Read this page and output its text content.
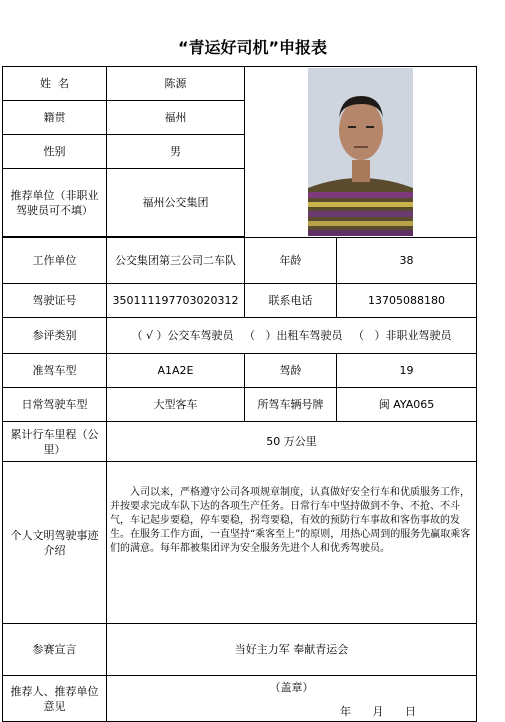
“青运好司机”申报表
姓  名	陈源	

籍贯	福州		
性别	男		
推荐单位（非职业驾驶员可不填）	福州公交集团		

工作单位	公交集团第三公司二车队	年龄	38
驾驶证号	350111197703020312	联系电话	13705088180
参评类别	（ √ ）公交车驾驶员   （   ）出租车驾驶员   （   ）非职业驾驶员		
准驾车型	A1A2E	驾龄	19
日常驾驶车型	大型客车	所驾车辆号牌	闽 AYA065
累计行车里程（公里）	50 万公里		
个人文明驾驶事迹介绍	入司以来，严格遵守公司各项规章制度，认真做好安全行车和优质服务工作，并按要求完成车队下达的各项生产任务。日常行车中坚持做到不争、不抢、不斗气，车记起步要稳，停车要稳，拐弯要稳，有效的预防行车事故和客伤事故的发生。在服务工作方面，一直坚持“乘客至上”的原则，用热心周到的服务先赢取乘客们的满意。每年都被集团评为安全服务先进个人和优秀驾驶员。		

参赛宣言	当好主力军 奉献青运会		
推荐人、推荐单位意见	（盖章）
年 月 日		
